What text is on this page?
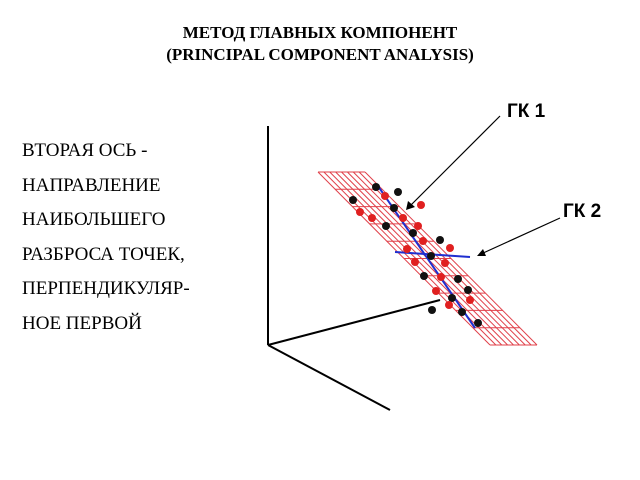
МЕТОД ГЛАВНЫХ КОМПОНЕНТ
(PRINCIPAL COMPONENT ANALYSIS)
ВТОРАЯ ОСЬ -
НАПРАВЛЕНИЕ
НАИБОЛЬШЕГО
РАЗБРОСА ТОЧЕК,
ПЕРПЕНДИКУЛЯР-
НОЕ ПЕРВОЙ
ГК 1
ГК 2
